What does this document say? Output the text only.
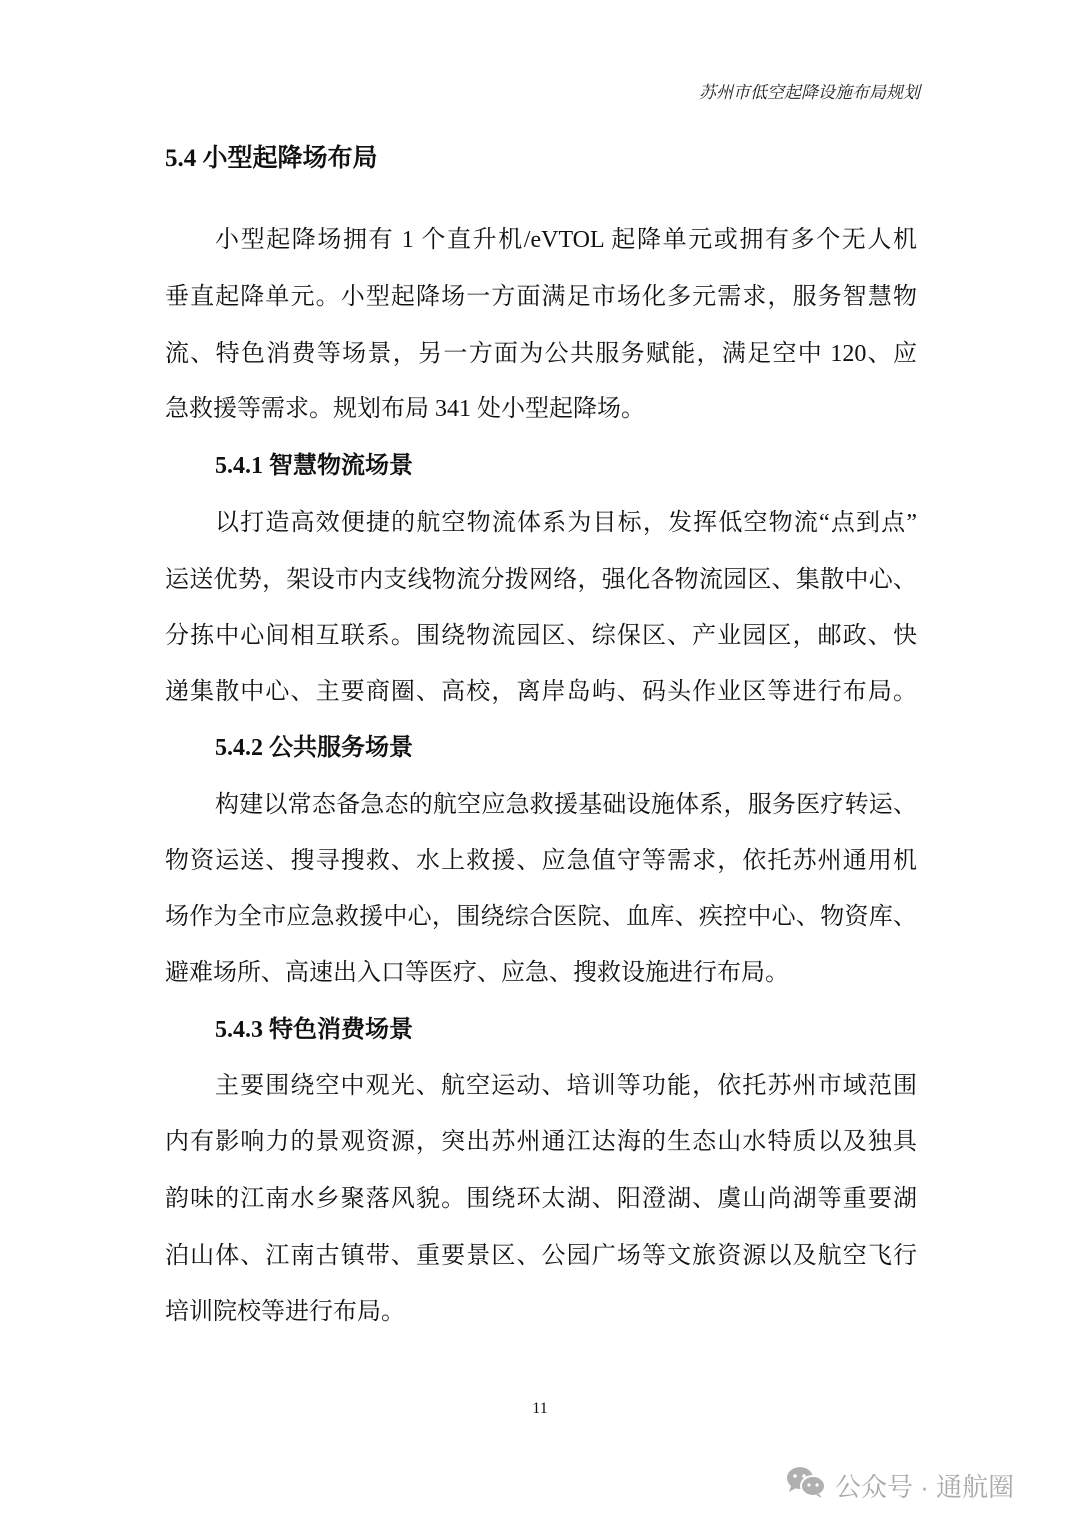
苏州市低空起降设施布局规划
5.4 小型起降场布局
小型起降场拥有 1 个直升机/eVTOL 起降单元或拥有多个无人机
垂直起降单元。小型起降场一方面满足市场化多元需求，服务智慧物
流、特色消费等场景，另一方面为公共服务赋能，满足空中 120、应
急救援等需求。规划布局 341 处小型起降场。
5.4.1 智慧物流场景
以打造高效便捷的航空物流体系为目标，发挥低空物流“点到点”
运送优势，架设市内支线物流分拨网络，强化各物流园区、集散中心、
分拣中心间相互联系。围绕物流园区、综保区、产业园区，邮政、快
递集散中心、主要商圈、高校，离岸岛屿、码头作业区等进行布局。
5.4.2 公共服务场景
构建以常态备急态的航空应急救援基础设施体系，服务医疗转运、
物资运送、搜寻搜救、水上救援、应急值守等需求，依托苏州通用机
场作为全市应急救援中心，围绕综合医院、血库、疾控中心、物资库、
避难场所、高速出入口等医疗、应急、搜救设施进行布局。
5.4.3 特色消费场景
主要围绕空中观光、航空运动、培训等功能，依托苏州市域范围
内有影响力的景观资源，突出苏州通江达海的生态山水特质以及独具
韵味的江南水乡聚落风貌。围绕环太湖、阳澄湖、虞山尚湖等重要湖
泊山体、江南古镇带、重要景区、公园广场等文旅资源以及航空飞行
培训院校等进行布局。
11
公众号 · 通航圈
